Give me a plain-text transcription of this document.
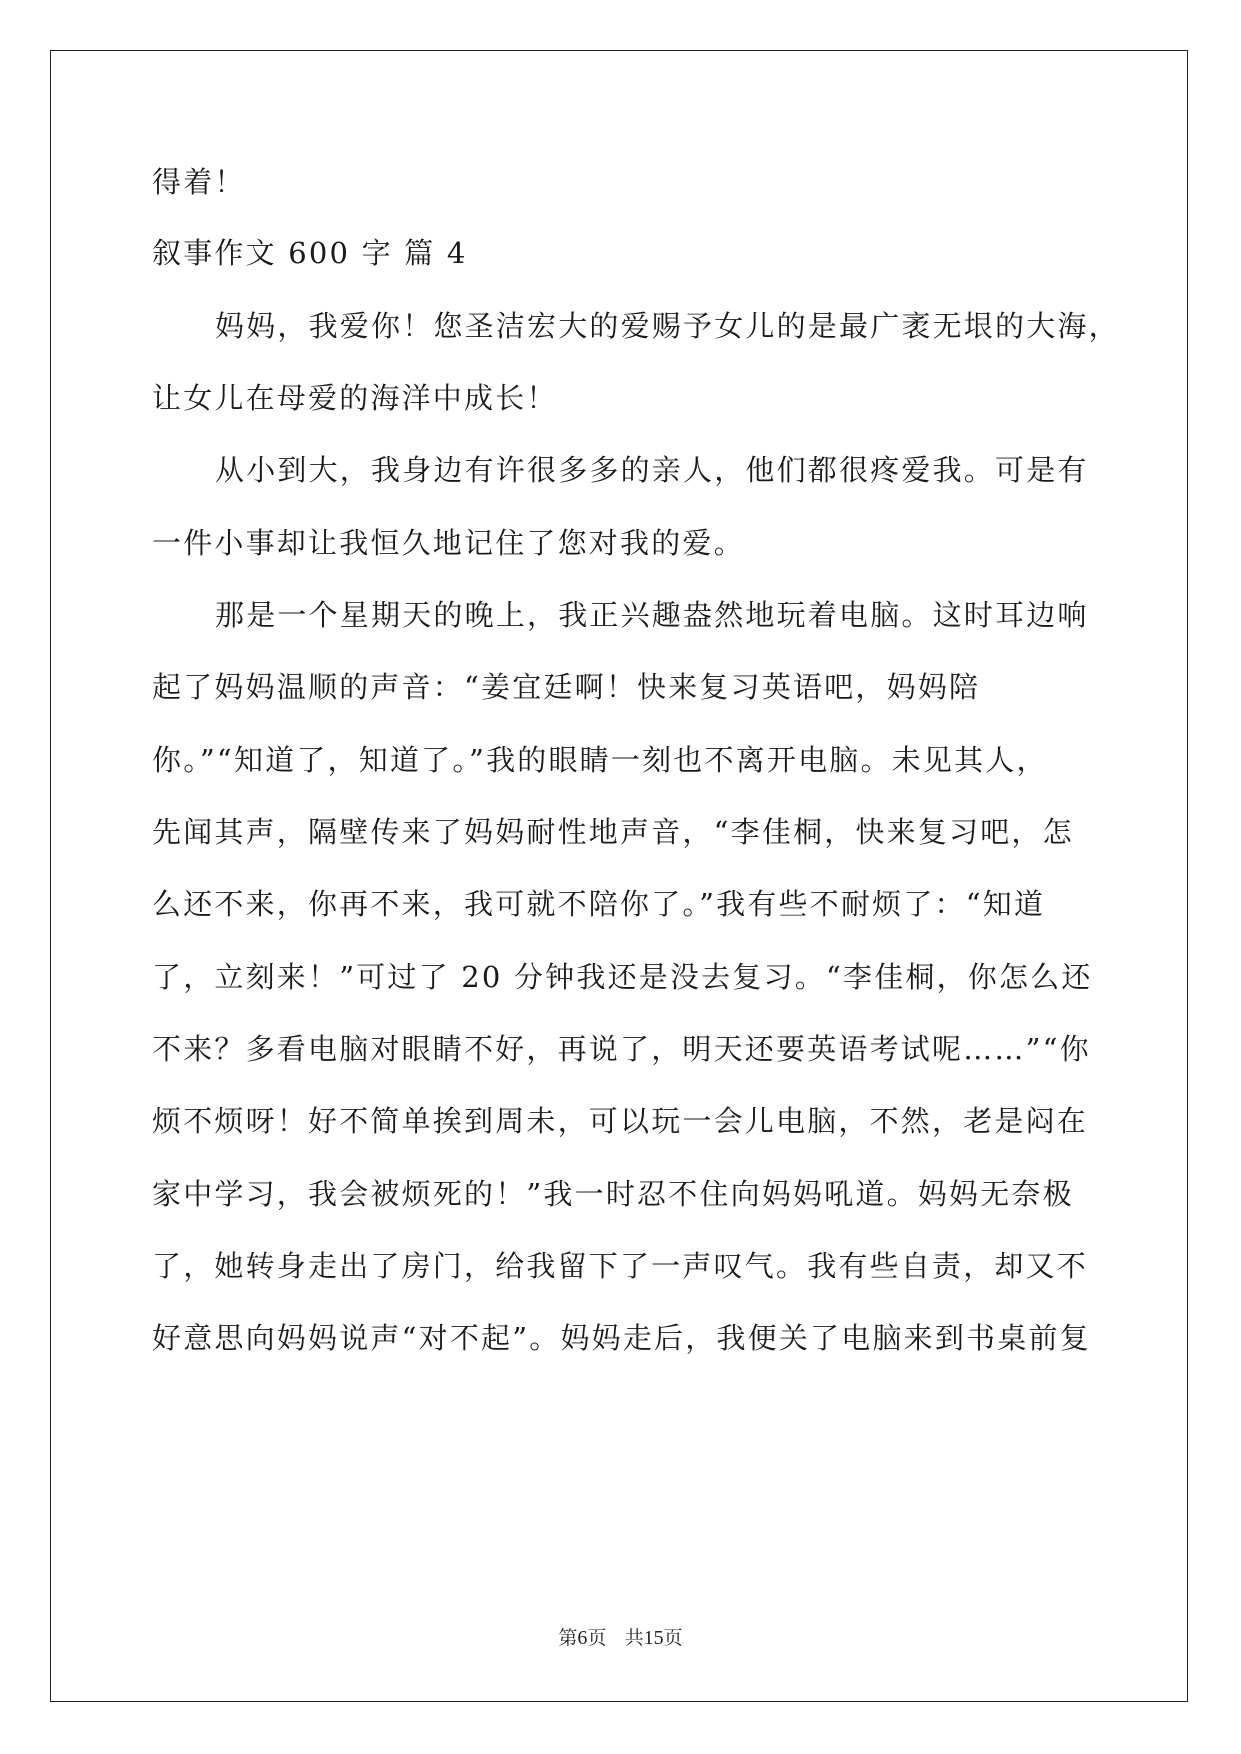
得着！

叙事作文 600 字 篇 4

妈妈，我爱你！您圣洁宏大的爱赐予女儿的是最广袤无垠的大海，

让女儿在母爱的海洋中成长！

从小到大，我身边有许很多多的亲人，他们都很疼爱我。可是有

一件小事却让我恒久地记住了您对我的爱。

那是一个星期天的晚上，我正兴趣盎然地玩着电脑。这时耳边响

起了妈妈温顺的声音：“姜宜廷啊！快来复习英语吧，妈妈陪

你。”“知道了，知道了。”我的眼睛一刻也不离开电脑。未见其人，

先闻其声，隔壁传来了妈妈耐性地声音，“李佳桐，快来复习吧，怎

么还不来，你再不来，我可就不陪你了。”我有些不耐烦了：“知道

了，立刻来！”可过了 20 分钟我还是没去复习。“李佳桐，你怎么还

不来？多看电脑对眼睛不好，再说了，明天还要英语考试呢……”“你

烦不烦呀！好不简单挨到周未，可以玩一会儿电脑，不然，老是闷在

家中学习，我会被烦死的！”我一时忍不住向妈妈吼道。妈妈无奈极

了，她转身走出了房门，给我留下了一声叹气。我有些自责，却又不

好意思向妈妈说声“对不起”。妈妈走后，我便关了电脑来到书桌前复

第6页 共15页
